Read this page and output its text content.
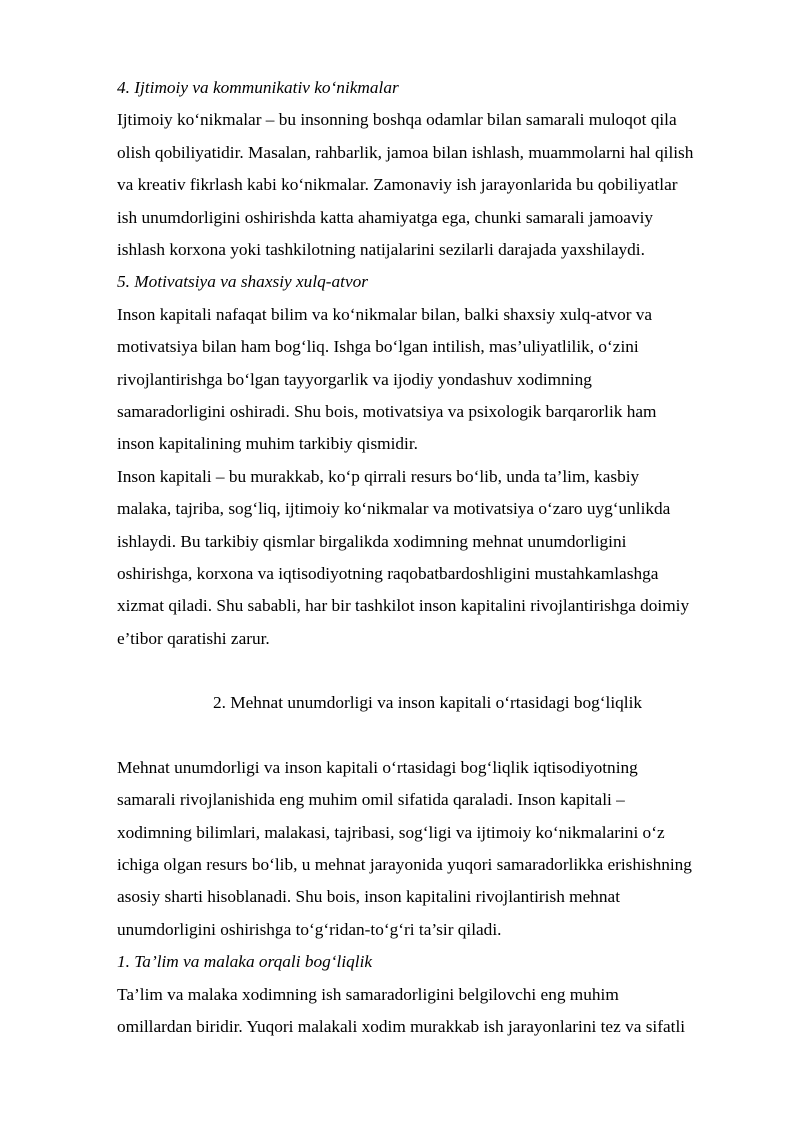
4. Ijtimoiy va kommunikativ ko‘nikmalar
Ijtimoiy ko‘nikmalar – bu insonning boshqa odamlar bilan samarali muloqot qila
olish qobiliyatidir. Masalan, rahbarlik, jamoa bilan ishlash, muammolarni hal qilish
va kreativ fikrlash kabi ko‘nikmalar. Zamonaviy ish jarayonlarida bu qobiliyatlar
ish unumdorligini oshirishda katta ahamiyatga ega, chunki samarali jamoaviy
ishlash korxona yoki tashkilotning natijalarini sezilarli darajada yaxshilaydi.
5. Motivatsiya va shaxsiy xulq-atvor
Inson kapitali nafaqat bilim va ko‘nikmalar bilan, balki shaxsiy xulq-atvor va
motivatsiya bilan ham bog‘liq. Ishga bo‘lgan intilish, mas’uliyatlilik, o‘zini
rivojlantirishga bo‘lgan tayyorgarlik va ijodiy yondashuv xodimning
samaradorligini oshiradi. Shu bois, motivatsiya va psixologik barqarorlik ham
inson kapitalining muhim tarkibiy qismidir.
Inson kapitali – bu murakkab, ko‘p qirrali resurs bo‘lib, unda ta’lim, kasbiy
malaka, tajriba, sog‘liq, ijtimoiy ko‘nikmalar va motivatsiya o‘zaro uyg‘unlikda
ishlaydi. Bu tarkibiy qismlar birgalikda xodimning mehnat unumdorligini
oshirishga, korxona va iqtisodiyotning raqobatbardoshligini mustahkamlashga
xizmat qiladi. Shu sababli, har bir tashkilot inson kapitalini rivojlantirishga doimiy
e’tibor qaratishi zarur.
2. Mehnat unumdorligi va inson kapitali o‘rtasidagi bog‘liqlik
Mehnat unumdorligi va inson kapitali o‘rtasidagi bog‘liqlik iqtisodiyotning
samarali rivojlanishida eng muhim omil sifatida qaraladi. Inson kapitali –
xodimning bilimlari, malakasi, tajribasi, sog‘ligi va ijtimoiy ko‘nikmalarini o‘z
ichiga olgan resurs bo‘lib, u mehnat jarayonida yuqori samaradorlikka erishishning
asosiy sharti hisoblanadi. Shu bois, inson kapitalini rivojlantirish mehnat
unumdorligini oshirishga to‘g‘ridan-to‘g‘ri ta’sir qiladi.
1. Ta’lim va malaka orqali bog‘liqlik
Ta’lim va malaka xodimning ish samaradorligini belgilovchi eng muhim
omillardan biridir. Yuqori malakali xodim murakkab ish jarayonlarini tez va sifatli
